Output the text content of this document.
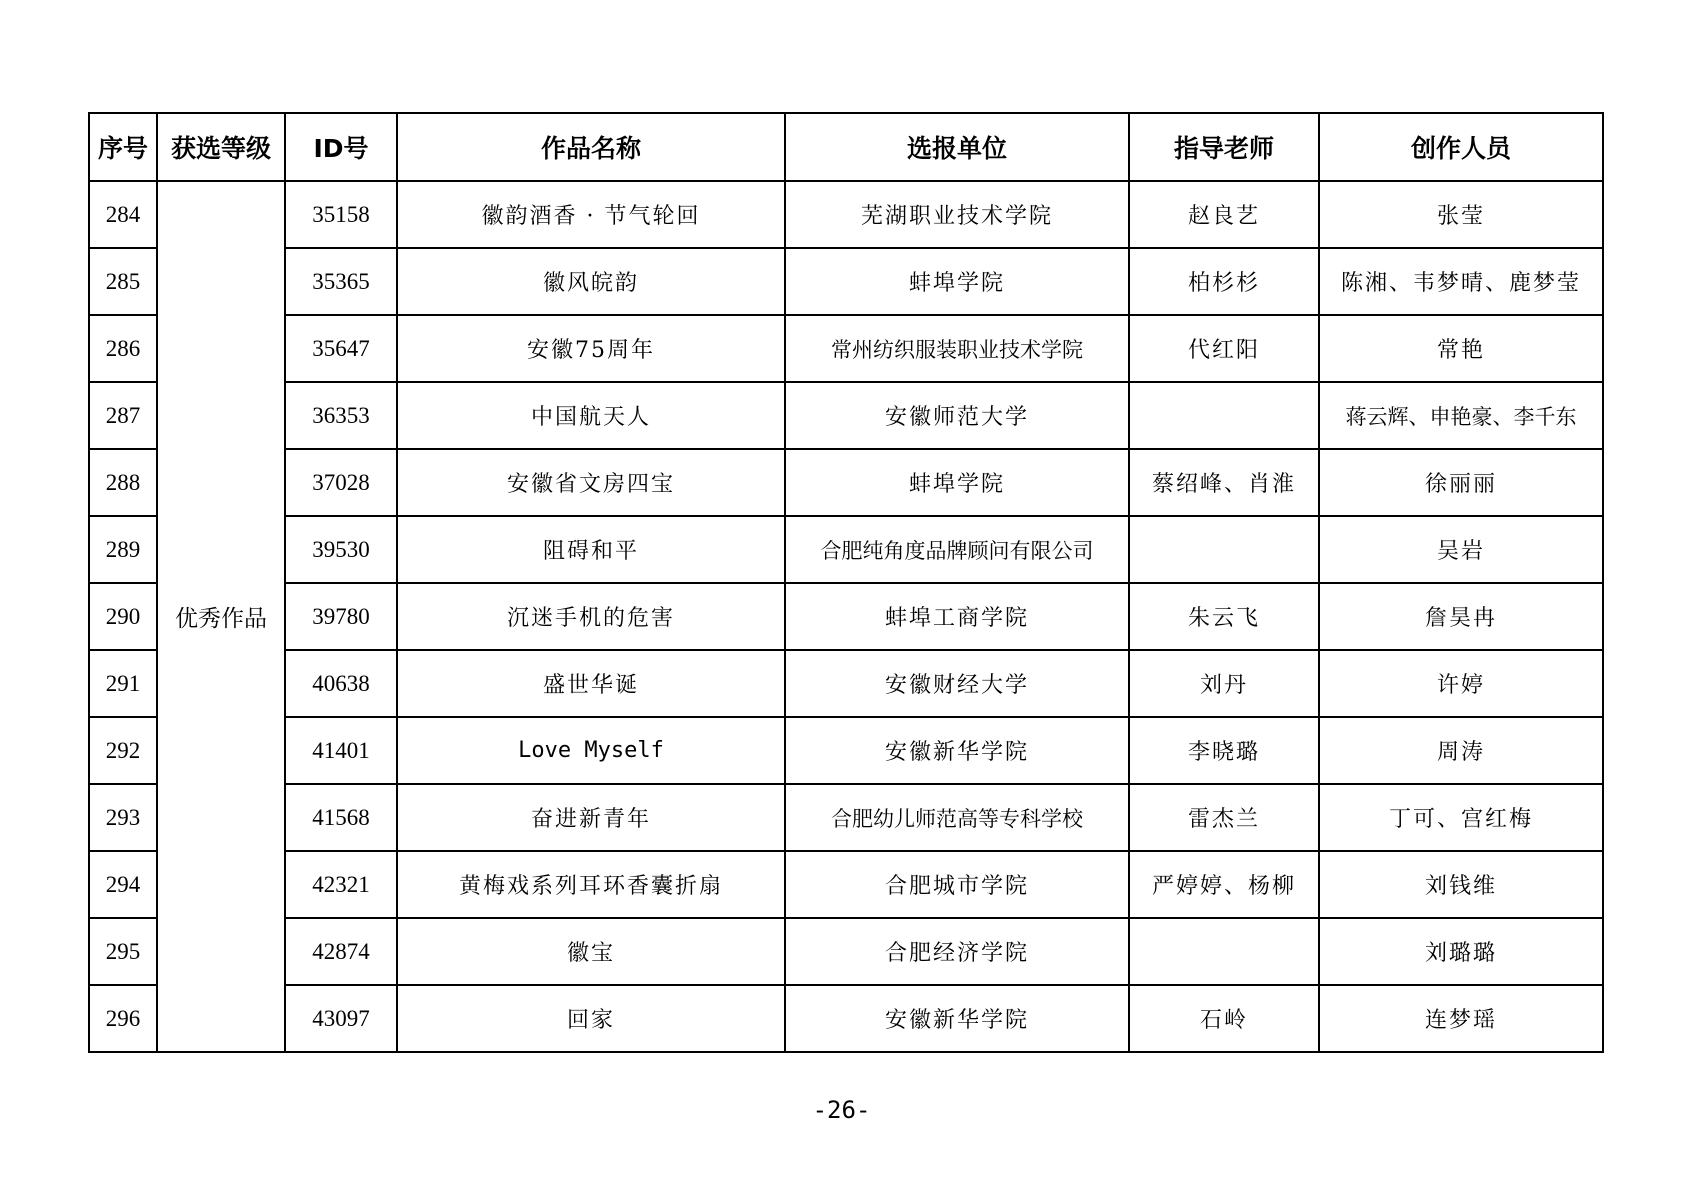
序号	获选等级	ID号	作品名称	选报单位	指导老师	创作人员
284	优秀作品	35158	徽韵酒香 · 节气轮回	芜湖职业技术学院	赵良艺	张莹
285		35365	徽风皖韵	蚌埠学院	柏杉杉	陈湘、韦梦晴、鹿梦莹
286		35647	安徽75周年	常州纺织服装职业技术学院	代红阳	常艳
287		36353	中国航天人	安徽师范大学		蒋云辉、申艳豪、李千东
288		37028	安徽省文房四宝	蚌埠学院	蔡绍峰、肖淮	徐丽丽
289		39530	阻碍和平	合肥纯角度品牌顾问有限公司		吴岩
290		39780	沉迷手机的危害	蚌埠工商学院	朱云飞	詹昊冉
291		40638	盛世华诞	安徽财经大学	刘丹	许婷
292		41401	Love Myself	安徽新华学院	李晓璐	周涛
293		41568	奋进新青年	合肥幼儿师范高等专科学校	雷杰兰	丁可、宫红梅
294		42321	黄梅戏系列耳环香囊折扇	合肥城市学院	严婷婷、杨柳	刘钱维
295		42874	徽宝	合肥经济学院		刘璐璐
296		43097	回家	安徽新华学院	石岭	连梦瑶
-26-
